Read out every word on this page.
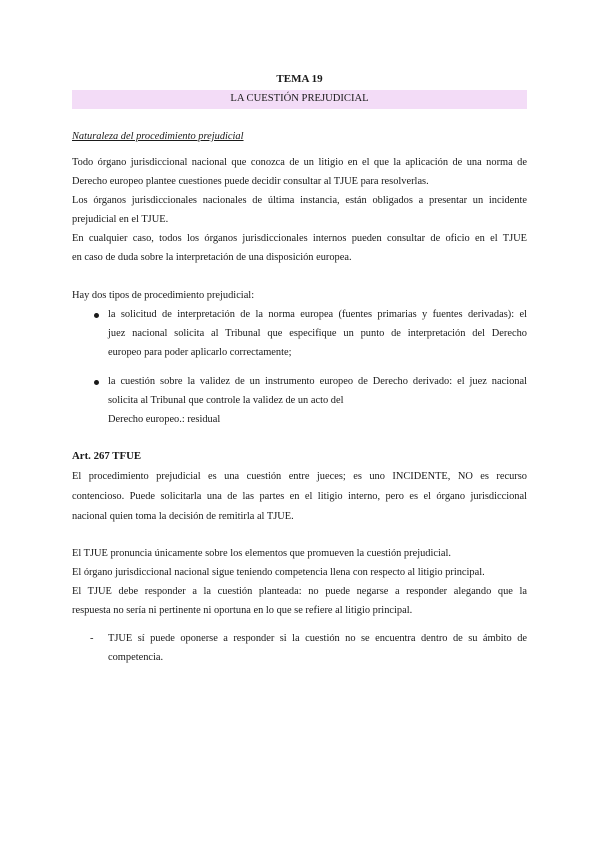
TEMA 19
LA CUESTIÓN PREJUDICIAL
Naturaleza del procedimiento prejudicial
Todo órgano jurisdiccional nacional que conozca de un litigio en el que la aplicación de una norma de
Derecho europeo plantee cuestiones puede decidir consultar al TJUE para resolverlas.
Los órganos jurisdiccionales nacionales de última instancia, están obligados a presentar un incidente
prejudicial en el TJUE.
En cualquier caso, todos los órganos jurisdiccionales internos pueden consultar de oficio en el TJUE
en caso de duda sobre la interpretación de una disposición europea.
Hay dos tipos de procedimiento prejudicial:
la solicitud de interpretación de la norma europea (fuentes primarias y fuentes derivadas): el
juez nacional solicita al Tribunal que especifique un punto de interpretación del Derecho
europeo para poder aplicarlo correctamente;
la cuestión sobre la validez de un instrumento europeo de Derecho derivado: el juez nacional
solicita al Tribunal que controle la validez de un acto del
Derecho europeo.: residual
Art. 267 TFUE
El procedimiento prejudicial es una cuestión entre jueces; es uno INCIDENTE, NO es recurso
contencioso. Puede solicitarla una de las partes en el litigio interno, pero es el órgano jurisdiccional
nacional quien toma la decisión de remitirla al TJUE.
El TJUE pronuncia únicamente sobre los elementos que promueven la cuestión prejudicial.
El órgano jurisdiccional nacional sigue teniendo competencia llena con respecto al litigio principal.
El TJUE debe responder a la cuestión planteada: no puede negarse a responder alegando que la
respuesta no sería ni pertinente ni oportuna en lo que se refiere al litigio principal.
- TJUE sí puede oponerse a responder si la cuestión no se encuentra dentro de su ámbito de
competencia.
